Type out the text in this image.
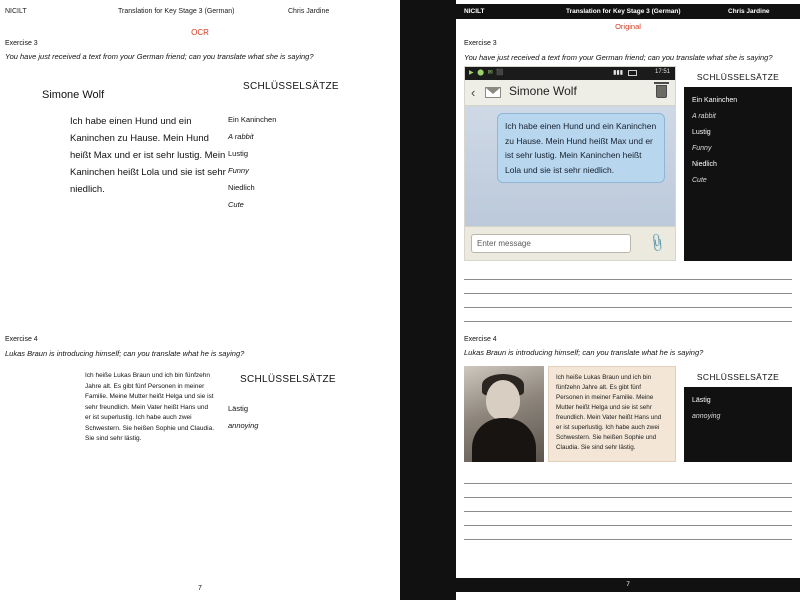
NICILT	Translation for Key Stage 3 (German)	Chris Jardine
OCR
Exercise 3
You have just received a text from your German friend; can you translate what she is saying?
Simone Wolf
Ich habe einen Hund und ein Kaninchen zu Hause. Mein Hund heißt Max und er ist sehr lustig. Mein Kaninchen heißt Lola und sie ist sehr niedlich.
SCHLÜSSELSÄTZE
Ein Kaninchen
A rabbit
Lustig
Funny
Niedlich
Cute
Exercise 4
Lukas Braun is introducing himself; can you translate what he is saying?
Ich heiße Lukas Braun und ich bin fünfzehn Jahre alt. Es gibt fünf Personen in meiner Familie. Meine Mutter heißt Helga und sie ist sehr freundlich. Mein Vater heißt Hans und er ist superlustig. Ich habe auch zwei Schwestern. Sie heißen Sophie und Claudia. Sie sind sehr lästig.
SCHLÜSSELSÄTZE
Lästig
annoying
7
NICILT	Translation for Key Stage 3 (German)	Chris Jardine
Original
Exercise 3
You have just received a text from your German friend; can you translate what she is saying?
▶ ⬤ ✉ ⬛	▮▮▮	17:51
‹	Simone Wolf
Ich habe einen Hund und ein Kaninchen zu Hause. Mein Hund heißt Max und er ist sehr lustig. Mein Kaninchen heißt Lola und sie ist sehr niedlich.
Enter message	📎
SCHLÜSSELSÄTZE
Ein Kaninchen
A rabbit
Lustig
Funny
Niedlich
Cute
Exercise 4
Lukas Braun is introducing himself; can you translate what he is saying?
Ich heiße Lukas Braun und ich bin fünfzehn Jahre alt. Es gibt fünf Personen in meiner Familie. Meine Mutter heißt Helga und sie ist sehr freundlich. Mein Vater heißt Hans und er ist superlustig. Ich habe auch zwei Schwestern. Sie heißen Sophie und Claudia. Sie sind sehr lästig.
SCHLÜSSELSÄTZE
Lästig
annoying
7
